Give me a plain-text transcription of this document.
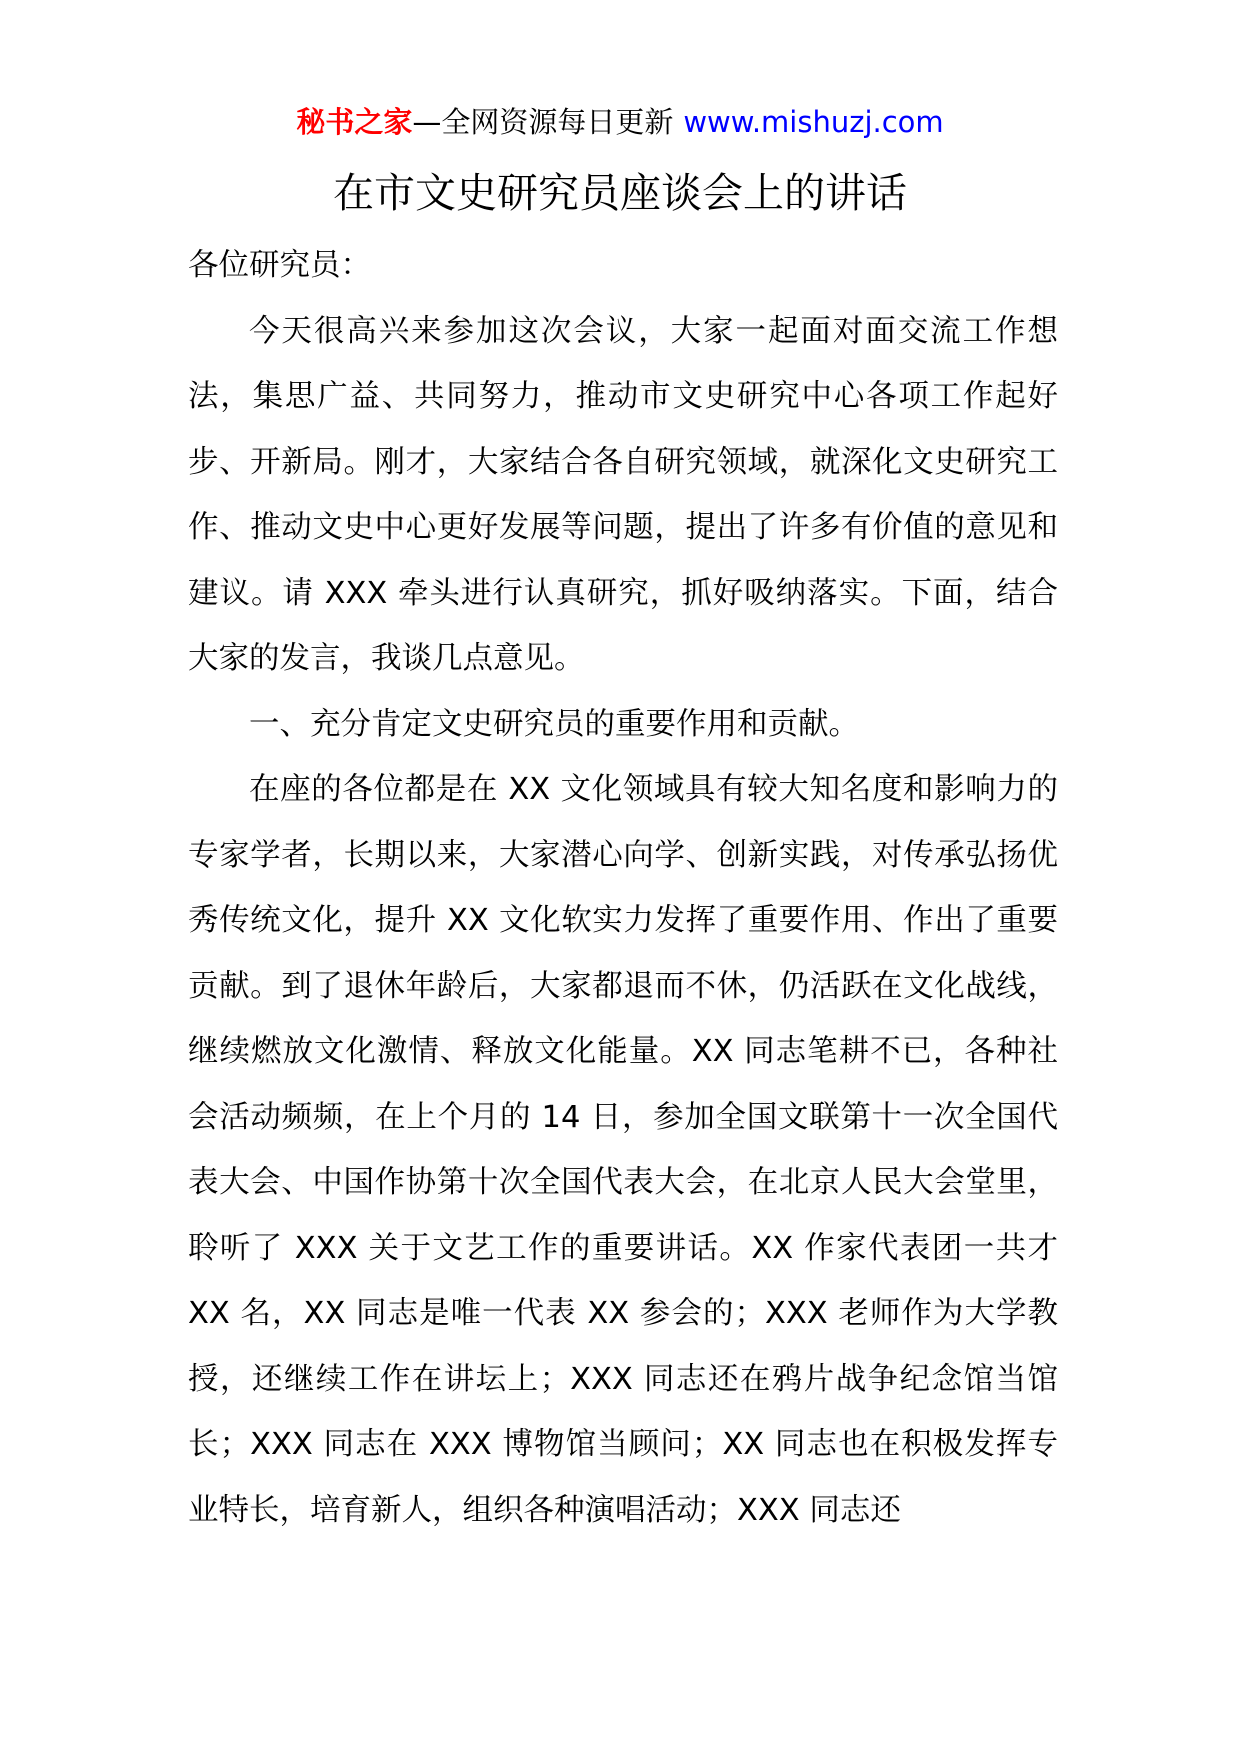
秘书之家—全网资源每日更新 www.mishuzj.com
在市文史研究员座谈会上的讲话

各位研究员：

今天很高兴来参加这次会议，大家一起面对面交流工作想法，集思广益、共同努力，推动市文史研究中心各项工作起好步、开新局。刚才，大家结合各自研究领域，就深化文史研究工作、推动文史中心更好发展等问题，提出了许多有价值的意见和建议。请 XXX 牵头进行认真研究，抓好吸纳落实。下面，结合大家的发言，我谈几点意见。

一、充分肯定文史研究员的重要作用和贡献。

在座的各位都是在 XX 文化领域具有较大知名度和影响力的专家学者，长期以来，大家潜心向学、创新实践，对传承弘扬优秀传统文化，提升 XX 文化软实力发挥了重要作用、作出了重要贡献。到了退休年龄后，大家都退而不休，仍活跃在文化战线，继续燃放文化激情、释放文化能量。XX 同志笔耕不已，各种社会活动频频，在上个月的 14 日，参加全国文联第十一次全国代表大会、中国作协第十次全国代表大会，在北京人民大会堂里，聆听了 XXX 关于文艺工作的重要讲话。XX 作家代表团一共才 XX 名，XX 同志是唯一代表 XX 参会的；XXX 老师作为大学教授，还继续工作在讲坛上；XXX 同志还在鸦片战争纪念馆当馆长；XXX 同志在 XXX 博物馆当顾问；XX 同志也在积极发挥专业特长，培育新人，组织各种演唱活动；XXX 同志还
